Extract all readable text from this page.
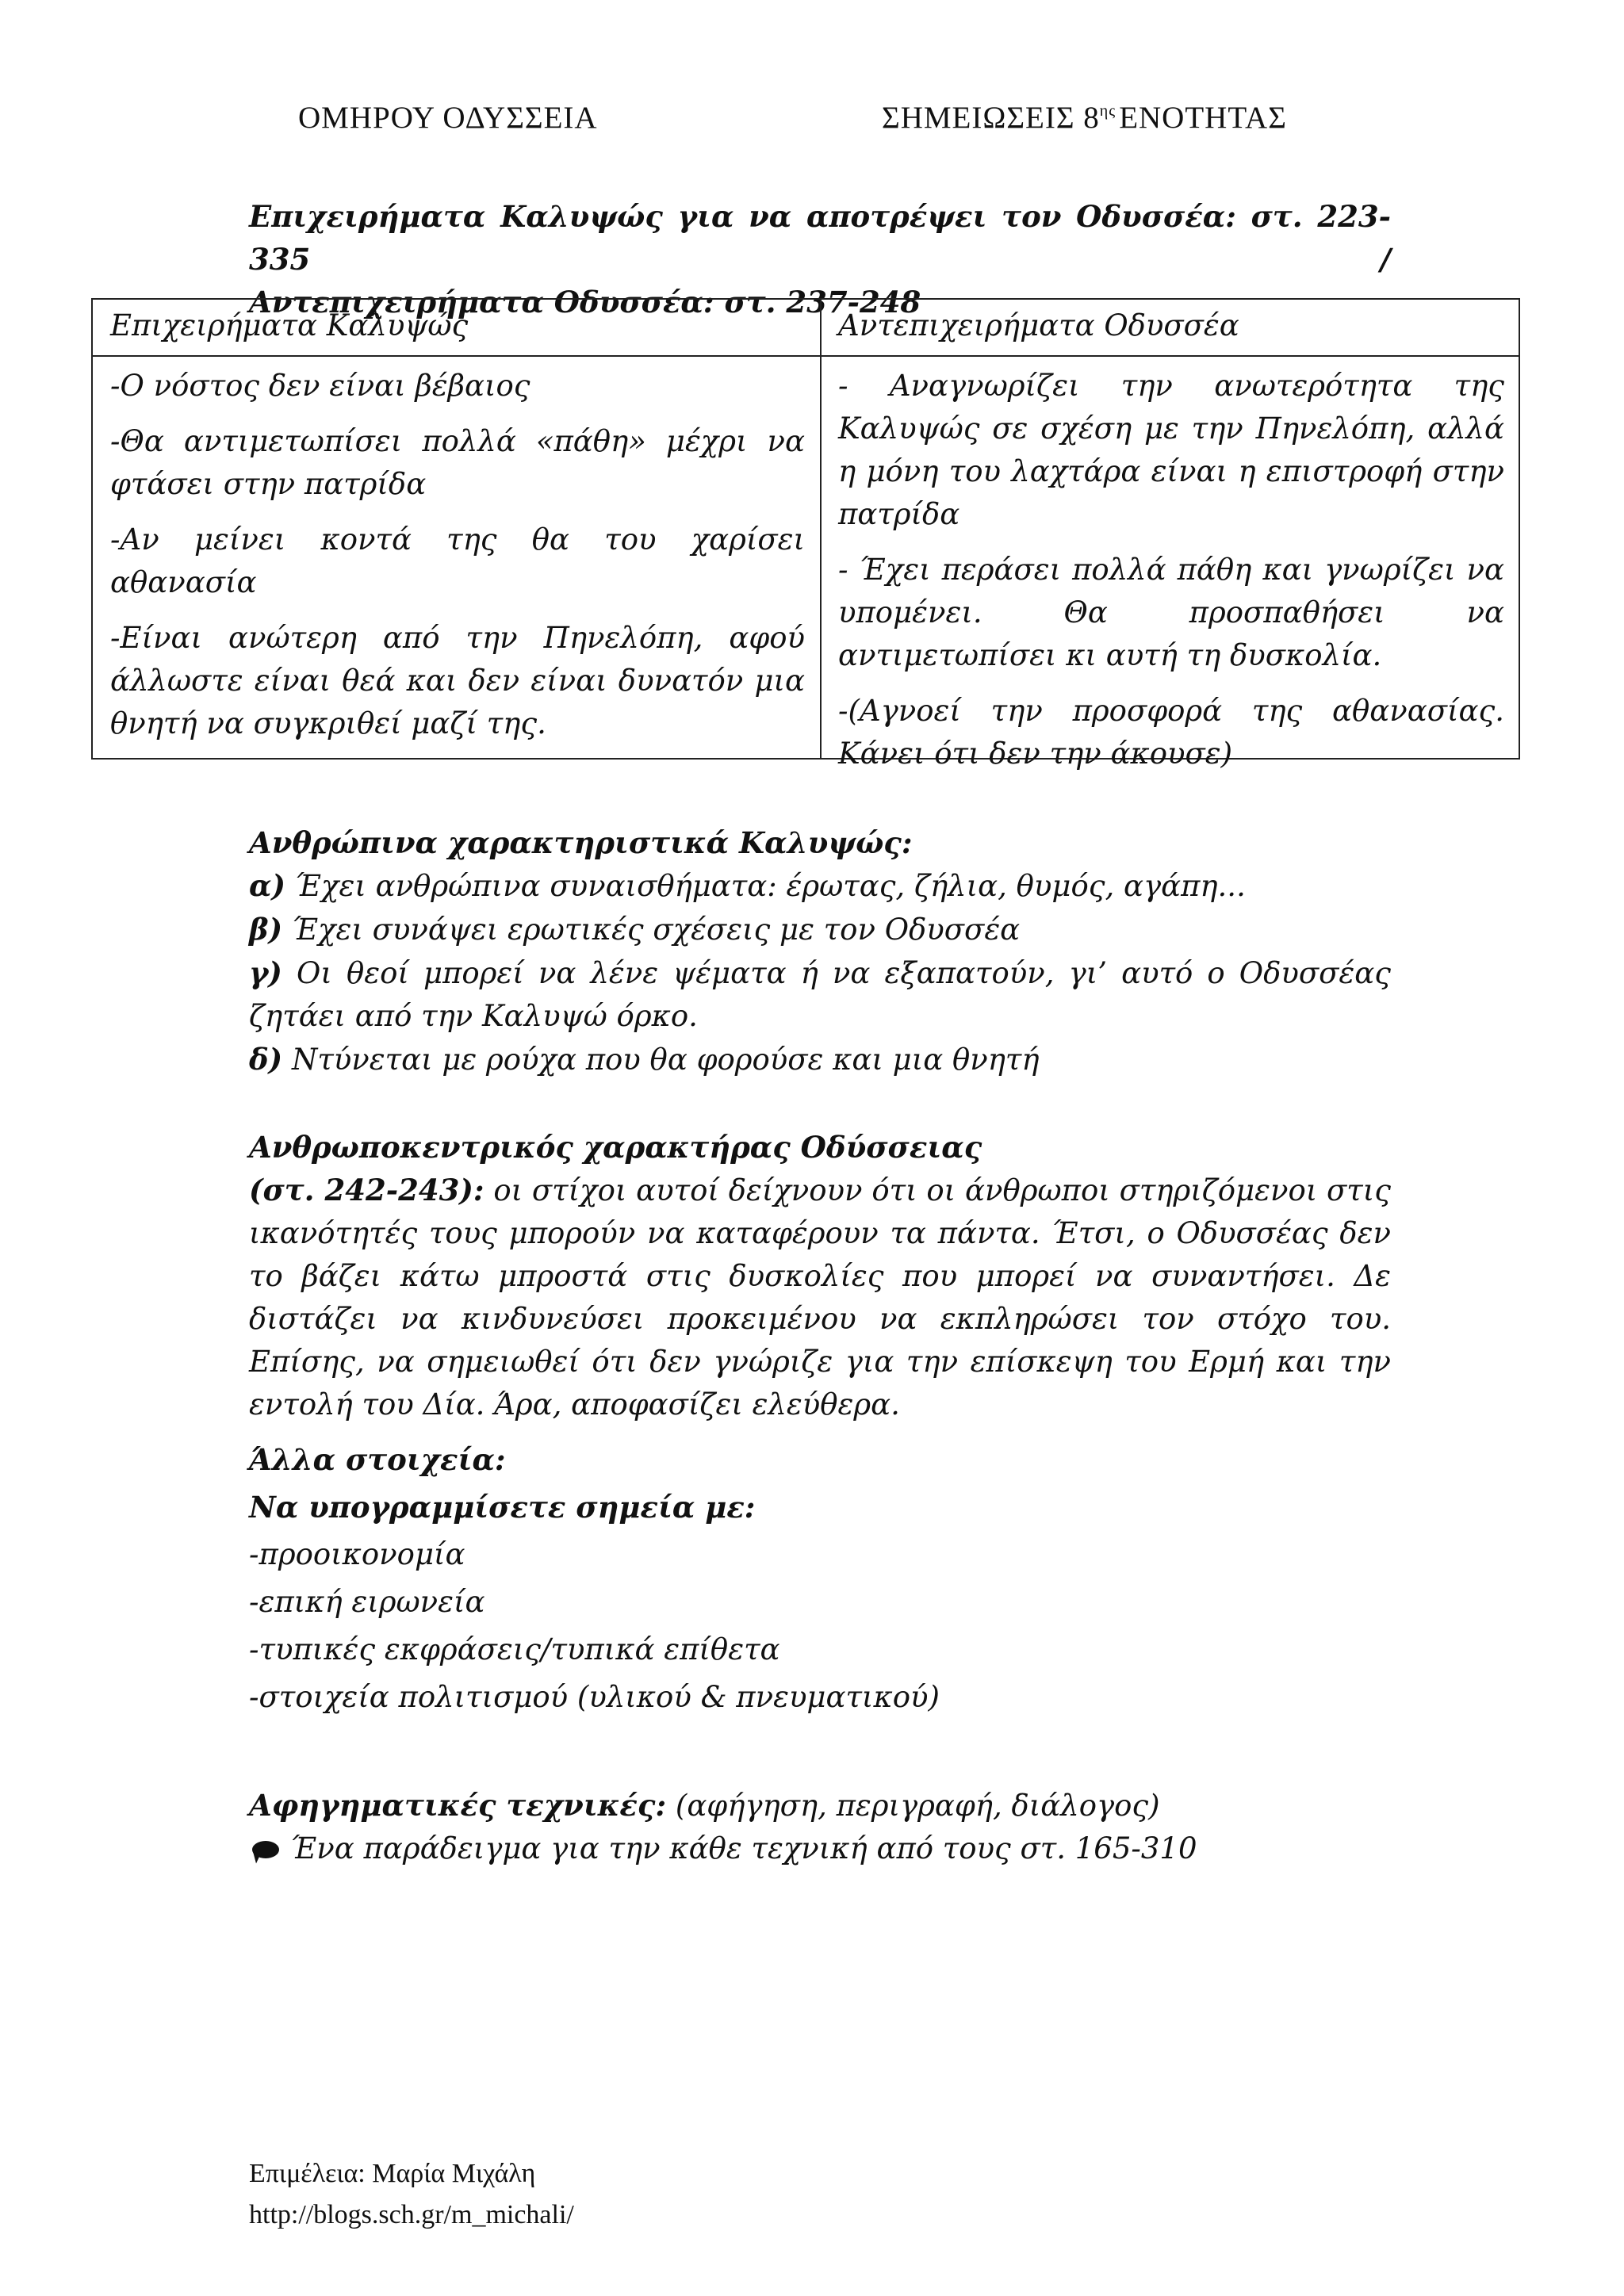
ΟΜΗΡΟΥ ΟΔΥΣΣΕΙΑ	ΣΗΜΕΙΩΣΕΙΣ $8^{\eta\varsigma}$ ΕΝΟΤΗΤΑΣ
Επιχειρήματα Καλυψώς για να αποτρέψει τον Οδυσσέα: στ. 223-335 /
Αντεπιχειρήματα Οδυσσέα: στ. 237-248
Επιχειρήματα Καλυψώς	Αντεπιχειρήματα Οδυσσέα

-Ο νόστος δεν είναι βέβαιος

-Θα αντιμετωπίσει πολλά «πάθη» μέχρι να φτάσει στην πατρίδα

-Αν μείνει κοντά της θα του χαρίσει αθανασία

-Είναι ανώτερη από την Πηνελόπη, αφού άλλωστε είναι θεά και δεν είναι δυνατόν μια θνητή να συγκριθεί μαζί της.

- Αναγνωρίζει την ανωτερότητα της Καλυψώς σε σχέση με την Πηνελόπη, αλλά η μόνη του λαχτάρα είναι η επιστροφή στην πατρίδα

- Έχει περάσει πολλά πάθη και γνωρίζει να υπομένει. Θα προσπαθήσει να αντιμετωπίσει κι αυτή τη δυσκολία.

-(Αγνοεί την προσφορά της αθανασίας. Κάνει ότι δεν την άκουσε)

Ανθρώπινα χαρακτηριστικά Καλυψώς:

α) Έχει ανθρώπινα συναισθήματα: έρωτας, ζήλια, θυμός, αγάπη...

β) Έχει συνάψει ερωτικές σχέσεις με τον Οδυσσέα

γ) Οι θεοί μπορεί να λένε ψέματα ή να εξαπατούν, γι’ αυτό ο Οδυσσέας ζητάει από την Καλυψώ όρκο.

δ) Ντύνεται με ρούχα που θα φορούσε και μια θνητή

Ανθρωποκεντρικός χαρακτήρας Οδύσσειας

(στ. 242-243): οι στίχοι αυτοί δείχνουν ότι οι άνθρωποι στηριζόμενοι στις ικανότητές τους μπορούν να καταφέρουν τα πάντα. Έτσι, ο Οδυσσέας δεν το βάζει κάτω μπροστά στις δυσκολίες που μπορεί να συναντήσει. Δε διστάζει να κινδυνεύσει προκειμένου να εκπληρώσει τον στόχο του. Επίσης, να σημειωθεί ότι δεν γνώριζε για την επίσκεψη του Ερμή και την εντολή του Δία. Άρα, αποφασίζει ελεύθερα.

Άλλα στοιχεία:

Να υπογραμμίσετε σημεία με:

-προοικονομία

-επική ειρωνεία

-τυπικές εκφράσεις/τυπικά επίθετα

-στοιχεία πολιτισμού (υλικού & πνευματικού)

Αφηγηματικές τεχνικές: (αφήγηση, περιγραφή, διάλογος)

Ένα παράδειγμα για την κάθε τεχνική από τους στ. 165-310

Επιμέλεια: Μαρία Μιχάλη
http://blogs.sch.gr/m_michali/
